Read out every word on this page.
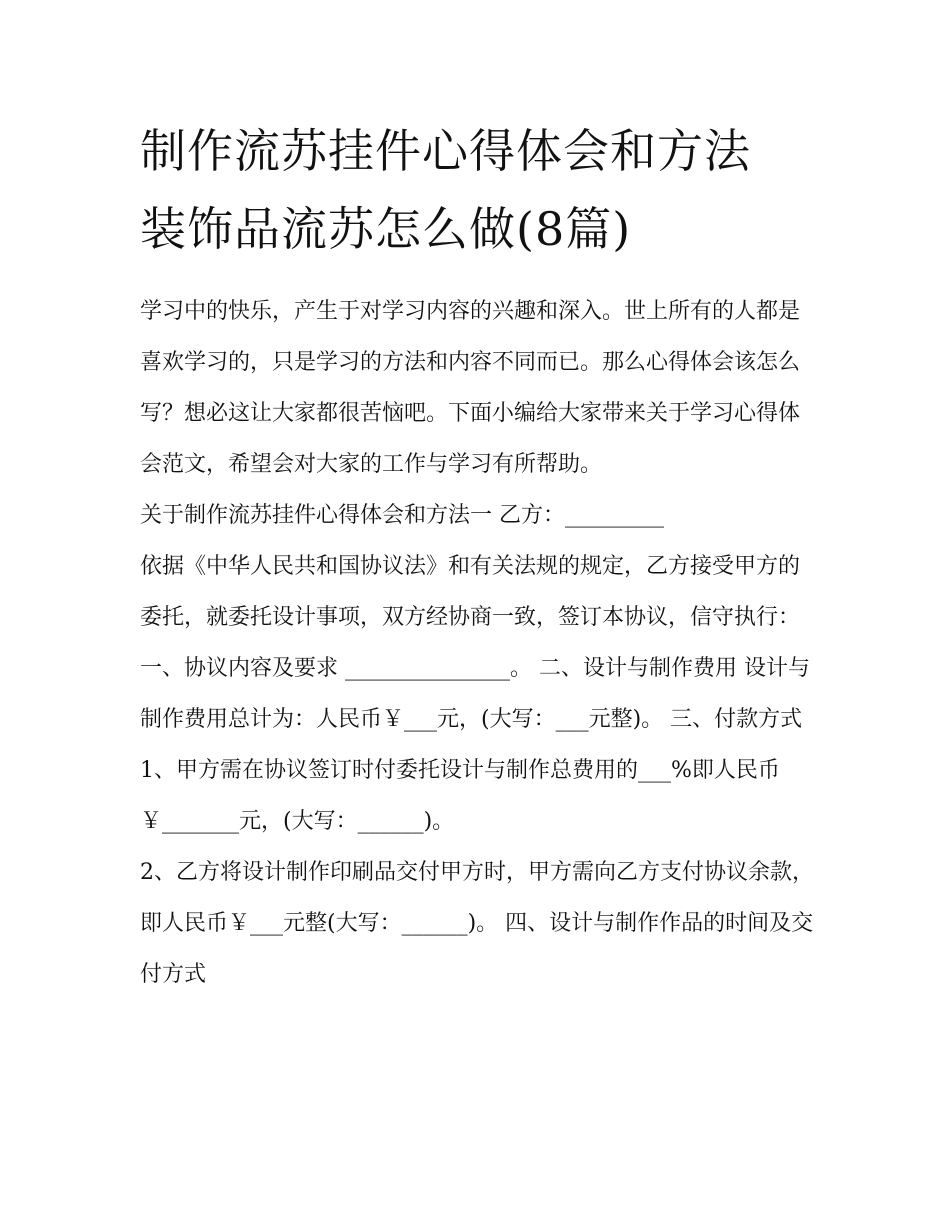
制作流苏挂件心得体会和方法
装饰品流苏怎么做(8篇)

学习中的快乐，产生于对学习内容的兴趣和深入。世上所有的人都是喜欢学习的，只是学习的方法和内容不同而已。那么心得体会该怎么写？想必这让大家都很苦恼吧。下面小编给大家带来关于学习心得体会范文，希望会对大家的工作与学习有所帮助。

关于制作流苏挂件心得体会和方法一 乙方：_________

依据《中华人民共和国协议法》和有关法规的规定，乙方接受甲方的委托，就委托设计事项，双方经协商一致，签订本协议，信守执行： 一、协议内容及要求 _______________。 二、设计与制作费用 设计与制作费用总计为：人民币￥___元，(大写：___元整)。 三、付款方式

1、甲方需在协议签订时付委托设计与制作总费用的___%即人民币￥_______元，(大写：______)。

2、乙方将设计制作印刷品交付甲方时，甲方需向乙方支付协议余款，即人民币￥___元整(大写：______)。 四、设计与制作作品的时间及交付方式
